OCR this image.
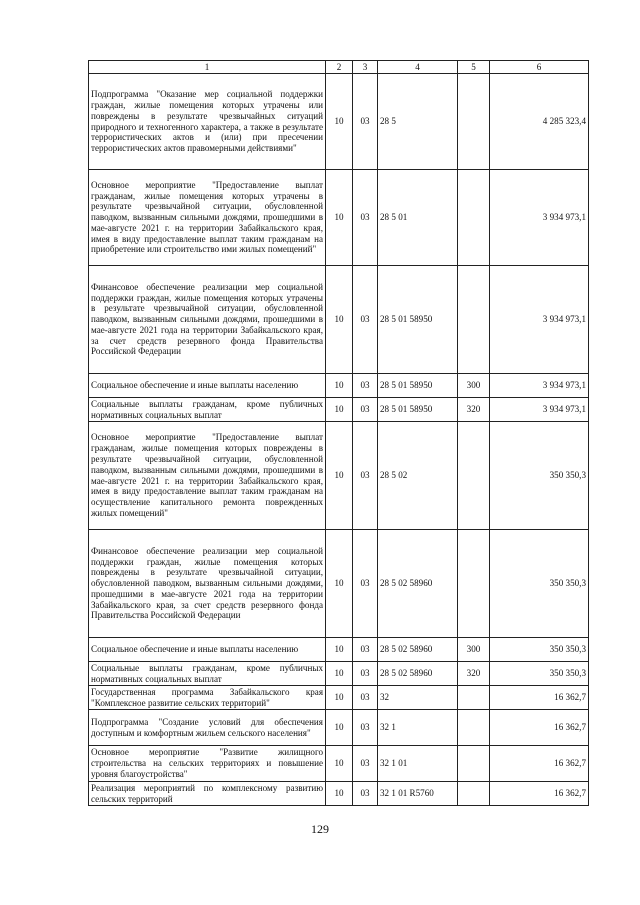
1	2	3	4	5	6
Подпрограмма "Оказание мер социальной поддержки граждан, жилые помещения которых утрачены или повреждены в результате чрезвычайных ситуаций природного и техногенного характера, а также в результате террористических актов и (или) при пресечении террористических актов правомерными действиями"	10	03	28 5		4 285 323,4
Основное мероприятие "Предоставление выплат гражданам, жилые помещения которых утрачены в результате чрезвычайной ситуации, обусловленной паводком, вызванным сильными дождями, прошедшими в мае-августе 2021 г. на территории Забайкальского края, имея в виду предоставление выплат таким гражданам на приобретение или строительство ими жилых помещений"	10	03	28 5 01		3 934 973,1
Финансовое обеспечение реализации мер социальной поддержки граждан, жилые помещения которых утрачены в результате чрезвычайной ситуации, обусловленной паводком, вызванным сильными дождями, прошедшими в мае-августе 2021 года на территории Забайкальского края, за счет средств резервного фонда Правительства Российской Федерации	10	03	28 5 01 58950		3 934 973,1
Социальное обеспечение и иные выплаты населению	10	03	28 5 01 58950	300	3 934 973,1
Социальные выплаты гражданам, кроме публичных нормативных социальных выплат	10	03	28 5 01 58950	320	3 934 973,1
Основное мероприятие "Предоставление выплат гражданам, жилые помещения которых повреждены в результате чрезвычайной ситуации, обусловленной паводком, вызванным сильными дождями, прошедшими в мае-августе 2021 г. на территории Забайкальского края, имея в виду предоставление выплат таким гражданам на осуществление капитального ремонта поврежденных жилых помещений"	10	03	28 5 02		350 350,3
Финансовое обеспечение реализации мер социальной поддержки граждан, жилые помещения которых повреждены в результате чрезвычайной ситуации, обусловленной паводком, вызванным сильными дождями, прошедшими в мае-августе 2021 года на территории Забайкальского края, за счет средств резервного фонда Правительства Российской Федерации	10	03	28 5 02 58960		350 350,3
Социальное обеспечение и иные выплаты населению	10	03	28 5 02 58960	300	350 350,3
Социальные выплаты гражданам, кроме публичных нормативных социальных выплат	10	03	28 5 02 58960	320	350 350,3
Государственная программа Забайкальского края "Комплексное развитие сельских территорий"	10	03	32		16 362,7
Подпрограмма "Создание условий для обеспечения доступным и комфортным жильем сельского населения"	10	03	32 1		16 362,7
Основное мероприятие "Развитие жилищного строительства на сельских территориях и повышение уровня благоустройства"	10	03	32 1 01		16 362,7
Реализация мероприятий по комплексному развитию сельских территорий	10	03	32 1 01 R5760		16 362,7
129
